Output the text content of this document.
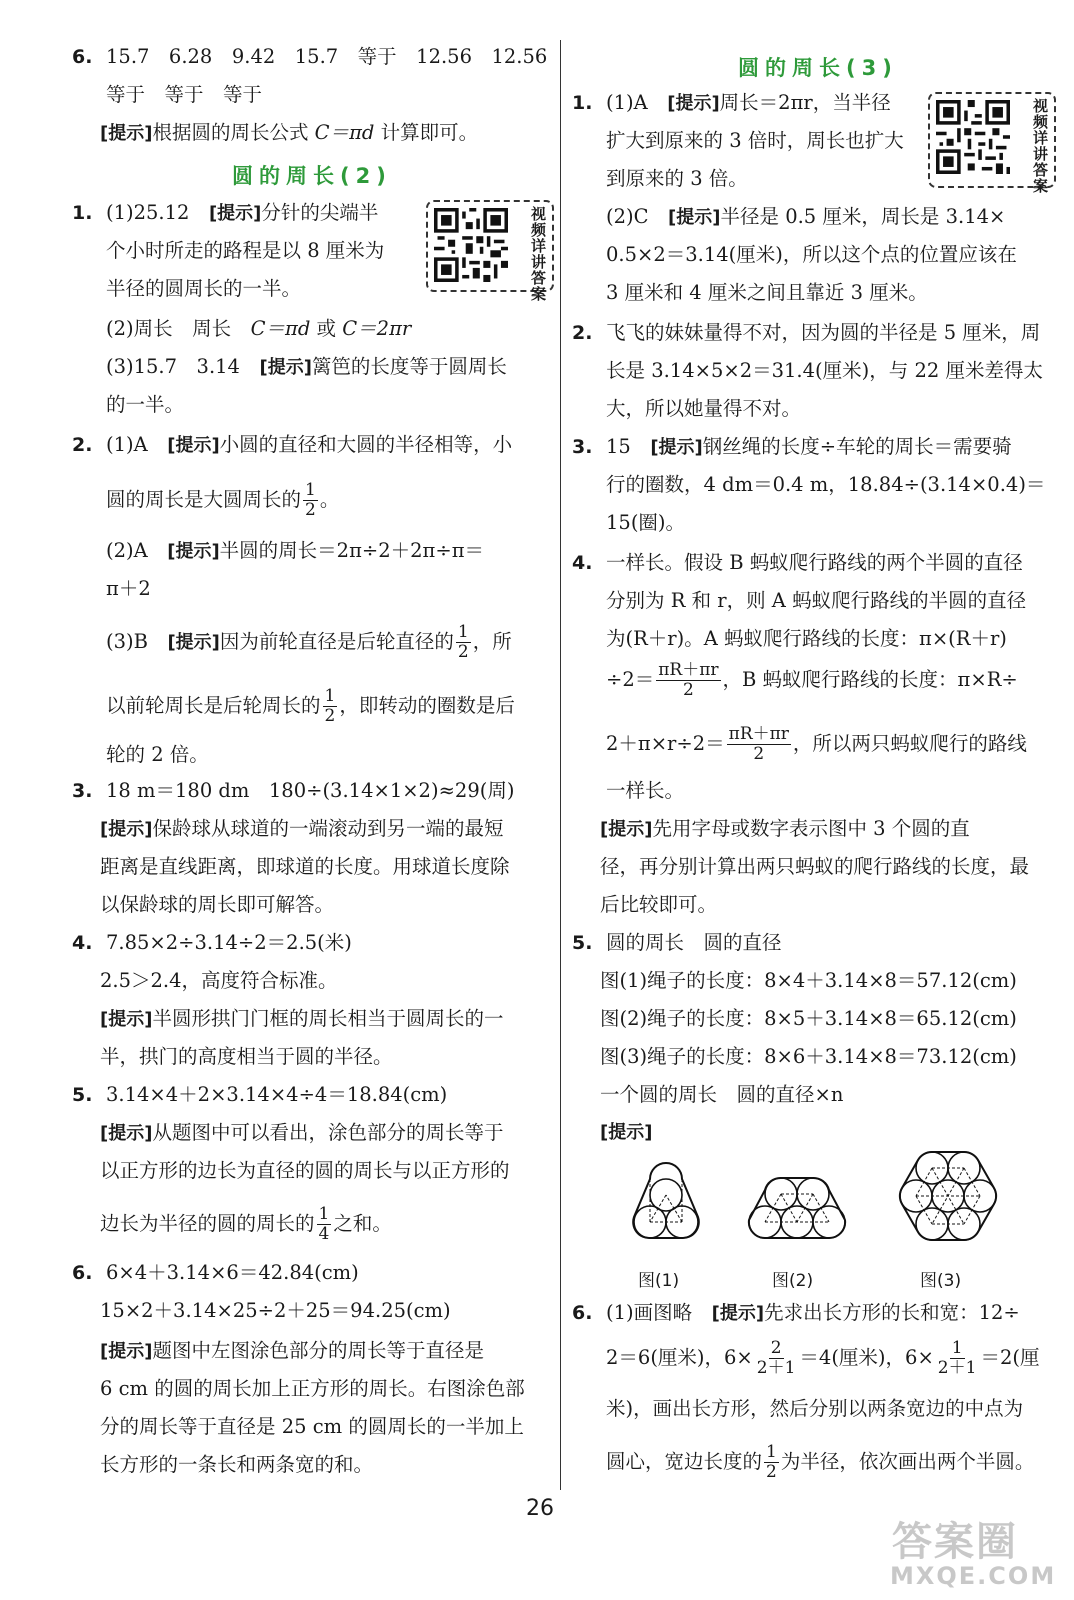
6. 15.7　6.28　9.42　15.7　等于　12.56　12.56
等于　等于　等于
[提示]根据圆的周长公式 C＝πd 计算即可。
圆的周长(2)
1. (1)25.12　[提示]分针的尖端半
个小时所走的路程是以 8 厘米为
半径的圆周长的一半。
(2)周长　周长　C＝πd 或 C＝2πr
(3)15.7　3.14　[提示]篱笆的长度等于圆周长
的一半。
视频详讲答案
2. (1)A　[提示]小圆的直径和大圆的半径相等，小
圆的周长是大圆周长的 $\frac{1}{2}$ 。
(2)A　[提示]半圆的周长＝2π÷2＋2π÷π＝
π＋2
(3)B　[提示]因为前轮直径是后轮直径的 $\frac{1}{2}$ ，所
以前轮周长是后轮周长的 $\frac{1}{2}$ ，即转动的圈数是后
轮的 2 倍。
3. 18 m＝180 dm　180÷(3.14×1×2)≈29(周)
[提示]保龄球从球道的一端滚动到另一端的最短
距离是直线距离，即球道的长度。用球道长度除
以保龄球的周长即可解答。
4. 7.85×2÷3.14÷2＝2.5(米)
2.5＞2.4，高度符合标准。
[提示]半圆形拱门门框的周长相当于圆周长的一
半，拱门的高度相当于圆的半径。
5. 3.14×4＋2×3.14×4÷4＝18.84(cm)
[提示]从题图中可以看出，涂色部分的周长等于
以正方形的边长为直径的圆的周长与以正方形的
边长为半径的圆的周长的 $\frac{1}{4}$ 之和。
6. 6×4＋3.14×6＝42.84(cm)
15×2＋3.14×25÷2＋25＝94.25(cm)
[提示]题图中左图涂色部分的周长等于直径是
6 cm 的圆的周长加上正方形的周长。右图涂色部
分的周长等于直径是 25 cm 的圆周长的一半加上
长方形的一条长和两条宽的和。
圆的周长(3)
1. (1)A　[提示]周长＝2πr，当半径
扩大到原来的 3 倍时，周长也扩大
到原来的 3 倍。
(2)C　[提示]半径是 0.5 厘米，周长是 3.14×
0.5×2＝3.14(厘米)，所以这个点的位置应该在
3 厘米和 4 厘米之间且靠近 3 厘米。
视频详讲答案
2. 飞飞的妹妹量得不对，因为圆的半径是 5 厘米，周
长是 3.14×5×2＝31.4(厘米)，与 22 厘米差得太
大，所以她量得不对。
3. 15　[提示]钢丝绳的长度÷车轮的周长＝需要骑
行的圈数，4 dm＝0.4 m，18.84÷(3.14×0.4)＝
15(圈)。
4. 一样长。假设 B 蚂蚁爬行路线的两个半圆的直径
分别为 R 和 r，则 A 蚂蚁爬行路线的半圆的直径
为(R＋r)。A 蚂蚁爬行路线的长度：π×(R＋r)
$\div 2= \frac{\pi R+\pi r}{2}$ ，B 蚂蚁爬行路线的长度：π×R÷
$2+\pi\times r\div 2= \frac{\pi R+\pi r}{2}$ ，所以两只蚂蚁爬行的路线
一样长。
[提示]先用字母或数字表示图中 3 个圆的直
径，再分别计算出两只蚂蚁的爬行路线的长度，最
后比较即可。
5. 圆的周长　圆的直径
图(1)绳子的长度：8×4＋3.14×8＝57.12(cm)
图(2)绳子的长度：8×5＋3.14×8＝65.12(cm)
图(3)绳子的长度：8×6＋3.14×8＝73.12(cm)
一个圆的周长　圆的直径×n
[提示]
图(1)	图(2)	图(3)
6. (1)画图略　[提示]先求出长方形的长和宽：12÷
2＝6(厘米)，$6\times \frac{2}{2+1} =4$(厘米)，$6\times \frac{1}{2+1} =2$(厘
米)，画出长方形，然后分别以两条宽边的中点为
圆心，宽边长度的 $\frac{1}{2}$ 为半径，依次画出两个半圆。
26
答案圈
MXQE.COM
